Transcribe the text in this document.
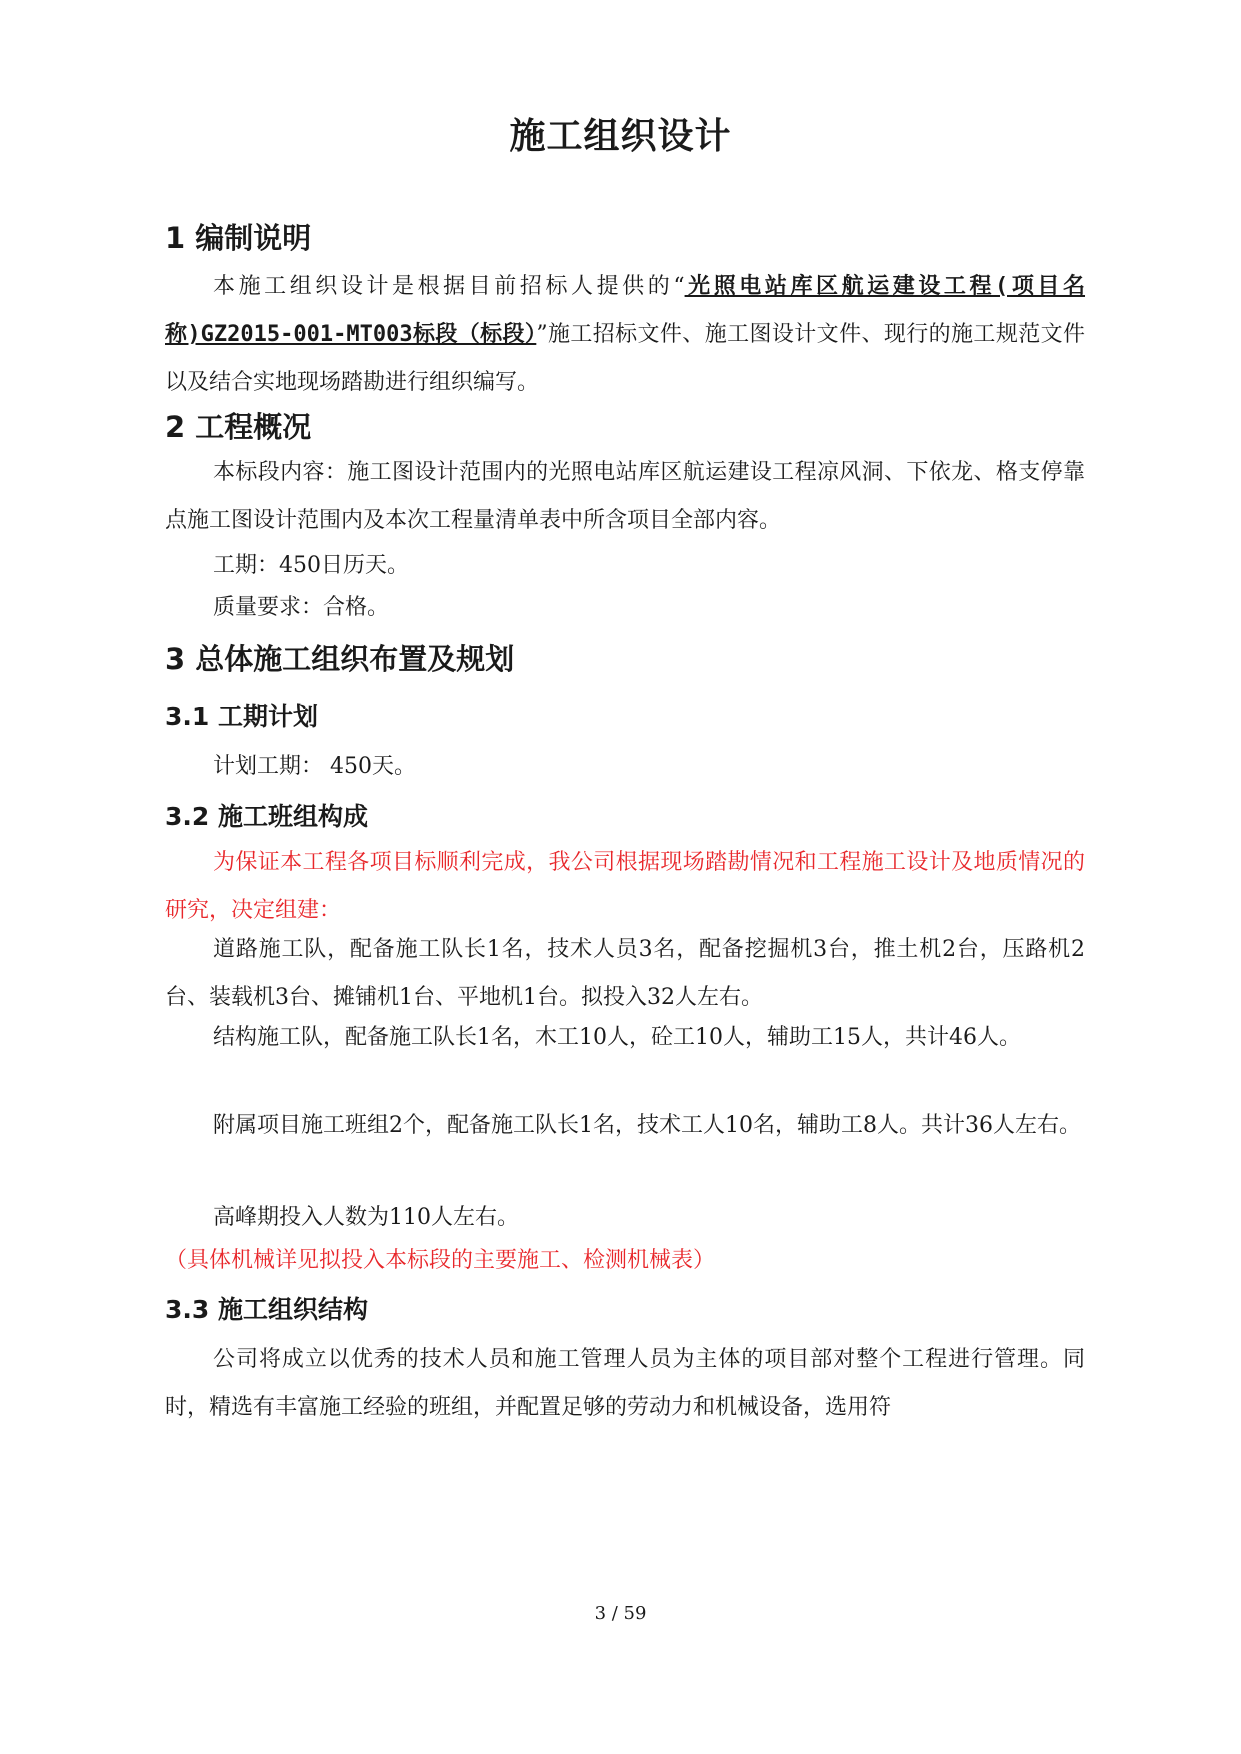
施工组织设计
1 编制说明
本施工组织设计是根据目前招标人提供的“光照电站库区航运建设工程(项目名称)GZ2015-001-MT003标段（标段）”施工招标文件、施工图设计文件、现行的施工规范文件以及结合实地现场踏勘进行组织编写。
2 工程概况
本标段内容：施工图设计范围内的光照电站库区航运建设工程凉风洞、下依龙、格支停靠点施工图设计范围内及本次工程量清单表中所含项目全部内容。
工期：450日历天。
质量要求：合格。
3 总体施工组织布置及规划
3.1 工期计划
计划工期： 450天。
3.2 施工班组构成
为保证本工程各项目标顺利完成，我公司根据现场踏勘情况和工程施工设计及地质情况的研究，决定组建：
道路施工队，配备施工队长1名，技术人员3名，配备挖掘机3台，推土机2台，压路机2台、装载机3台、摊铺机1台、平地机1台。拟投入32人左右。
结构施工队，配备施工队长1名，木工10人，砼工10人，辅助工15人，共计46人。
附属项目施工班组2个，配备施工队长1名，技术工人10名，辅助工8人。共计36人左右。
高峰期投入人数为110人左右。
（具体机械详见拟投入本标段的主要施工、检测机械表）
3.3 施工组织结构
公司将成立以优秀的技术人员和施工管理人员为主体的项目部对整个工程进行管理。同时，精选有丰富施工经验的班组，并配置足够的劳动力和机械设备，选用符
3 / 59
